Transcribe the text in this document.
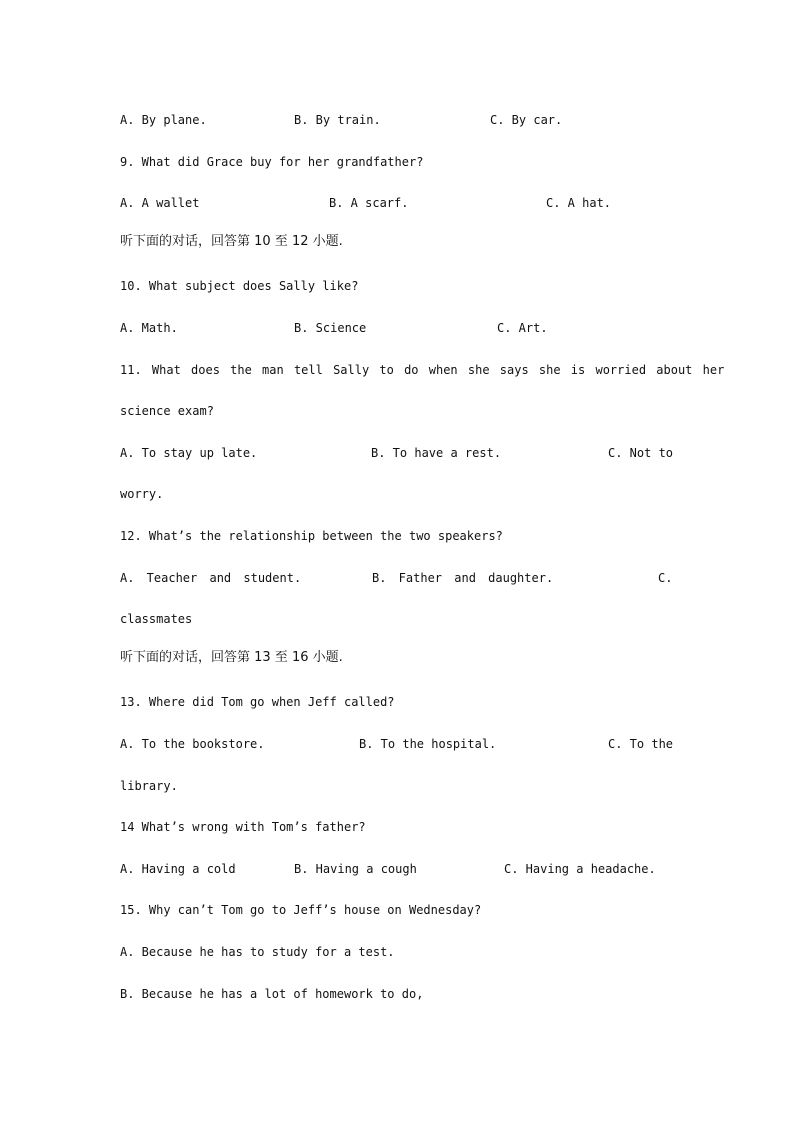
A. By plane.	B. By train.	C. By car.
9. What did Grace buy for her grandfather?
A. A wallet	B. A scarf.	C. A hat.
听下面的对话，回答第 10 至 12 小题.
10. What subject does Sally like?
A. Math.	B. Science	C. Art.
11. What does the man tell Sally to do when she says she is worried about her
science exam?
A. To stay up late.	B. To have a rest.	C. Not to
worry.
12. What’s the relationship between the two speakers?
A. Teacher and student.	B. Father and daughter.	C.
classmates
听下面的对话，回答第 13 至 16 小题.
13. Where did Tom go when Jeff called?
A. To the bookstore.	B. To the hospital.	C. To the
library.
14 What’s wrong with Tom’s father?
A. Having a cold	B. Having a cough	C. Having a headache.
15. Why can’t Tom go to Jeff’s house on Wednesday?
A. Because he has to study for a test.
B. Because he has a lot of homework to do,
